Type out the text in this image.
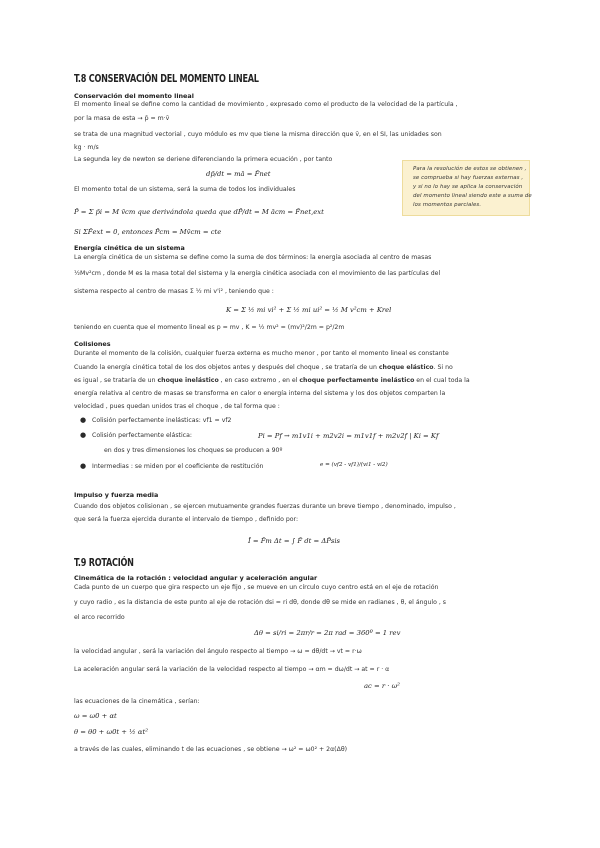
T.8 CONSERVACIÓN DEL MOMENTO LINEAL
Conservación del momento lineal
El momento lineal se define como la cantidad de movimiento , expresado como el producto de la velocidad de la partícula ,
por la masa de esta → p̄ = m·v̄
se trata de una magnitud vectorial , cuyo módulo es mv que tiene la misma dirección que v̄, en el SI, las unidades son
kg · m/s
La segunda ley de newton se deriene diferenciando la primera ecuación , por tanto
dp̄/dt = mā = F̄net
El momento total de un sistema, será la suma de todos los individuales
P̄ = Σ p̄i = M v̄cm que derivándola queda que dP̄/dt = M ācm = F̄net,ext
Si ΣF̄ext = 0, entonces P̄cm = Mv̄cm = cte
Para la resolución de estos se obtienen ,
se comprueba si hay fuerzas externas ,
y si no lo hay se aplica la conservación
del momento lineal siendo este a suma de
los momentos parciales.
Energía cinética de un sistema
La energía cinética de un sistema se define como la suma de dos términos: la energía asociada al centro de masas
½Mv²cm , donde M es la masa total del sistema y la energía cinética asociada con el movimiento de las partículas del
sistema respecto al centro de masas Σ ½ mi v'i² , teniendo que :
K = Σ ½ mi vi² + Σ ½ mi ui² = ½ M v²cm + Krel
teniendo en cuenta que el momento lineal es p = mv , K = ½ mv² = (mv)²/2m = p²/2m
Colisiones
Durante el momento de la colisión, cualquier fuerza externa es mucho menor , por tanto el momento lineal es constante
Cuando la energía cinética total de los dos objetos antes y después del choque , se trataría de un choque elástico. Si no
es igual , se trataría de un choque inelástico , en caso extremo , en el choque perfectamente inelástico en el cual toda la
energía relativa al centro de masas se transforma en calor o energía interna del sistema y los dos objetos comparten la
velocidad , pues quedan unidos tras el choque , de tal forma que :
● Colisión perfectamente inelásticas: vf1 = vf2
● Colisión perfectamente elástica:	Pi = Pf → m1v1i + m2v2i = m1v1f + m2v2f | Ki = Kf
en dos y tres dimensiones los choques se producen a 90º
● Intermedias : se miden por el coeficiente de restitución	e = (vf2 - vf1)/(vi1 - vi2)
Impulso y fuerza media
Cuando dos objetos colisionan , se ejercen mutuamente grandes fuerzas durante un breve tiempo , denominado, impulso ,
que será la fuerza ejercida durante el intervalo de tiempo , definido por:
Ī = F̄m Δt = ∫ F̄ dt = ΔP̄sis
T.9 ROTACIÓN
Cinemática de la rotación : velocidad angular y aceleración angular
Cada punto de un cuerpo que gira respecto un eje fijo , se mueve en un círculo cuyo centro está en el eje de rotación
y cuyo radio , es la distancia de este punto al eje de rotación dsi = ri dθ, donde dθ se mide en radianes , θ, el ángulo , s
el arco recorrido
Δθ = si/ri = 2πr/r = 2π rad = 360º = 1 rev
la velocidad angular , será la variación del ángulo respecto al tiempo → ω = dθ/dt → vt = r·ω
La aceleración angular será la variación de la velocidad respecto al tiempo → αm = dω/dt → at = r · α
ac = r · ω²
las ecuaciones de la cinemática , serían:
ω = ω0 + αt
θ = θ0 + ω0t + ½ αt²
a través de las cuales, eliminando t de las ecuaciones , se obtiene → ω² = ω0² + 2α(Δθ)
